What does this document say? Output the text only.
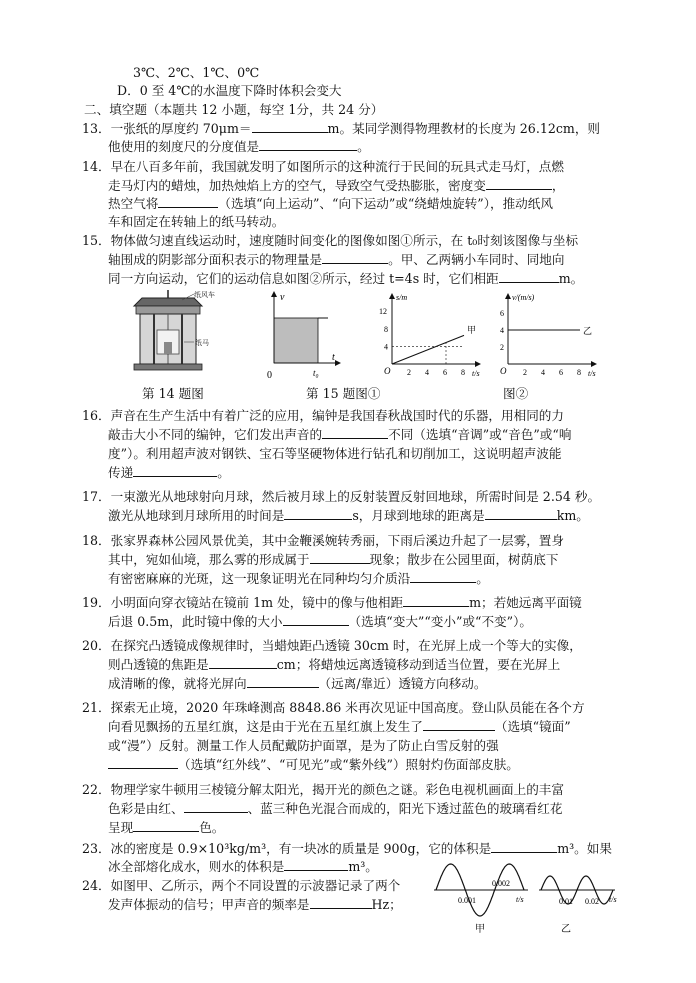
3℃、2℃、1℃、0℃
D．0 至 4℃的水温度下降时体积会变大
二、填空题（本题共 12 小题，每空 1分，共 24 分）
13．一张纸的厚度约 70μm＝	m。某同学测得物理教材的长度为 26.12cm，则
他使用的刻度尺的分度值是	。
14．早在八百多年前，我国就发明了如图所示的这种流行于民间的玩具式走马灯，点燃
走马灯内的蜡烛，加热烛焰上方的空气，导致空气受热膨胀，密度变	，
热空气将	（选填“向上运动”、“向下运动”或“绕蜡烛旋转”），推动纸风
车和固定在转轴上的纸马转动。
15．物体做匀速直线运动时，速度随时间变化的图像如图①所示，在 t₀时刻该图像与坐标
轴围成的阴影部分面积表示的物理量是	。甲、乙两辆小车同时、同地向
同一方向运动，它们的运动信息如图②所示，经过 t=4s 时，它们相距	m。
纸风车
纸马
第 14 题图
v
t
t₀
0
第 15 题图①
s/m
t/s
O 2 4 6 8
4
8
12
甲
v/(m/s)
t/s
O 2 4 6 8
2
4
6
乙
图②
16．声音在生产生活中有着广泛的应用，编钟是我国春秋战国时代的乐器，用相同的力
敲击大小不同的编钟，它们发出声音的	不同（选填“音调”或“音色”或“响
度”）。利用超声波对钢铁、宝石等坚硬物体进行钻孔和切削加工，这说明超声波能
传递	。
17．一束激光从地球射向月球，然后被月球上的反射装置反射回地球，所需时间是 2.54 秒。
激光从地球到月球所用的时间是	s，月球到地球的距离是	km。
18．张家界森林公园风景优美，其中金鞭溪婉转秀丽，下雨后溪边升起了一层雾，置身
其中，宛如仙境，那么雾的形成属于	现象；散步在公园里面，树荫底下
有密密麻麻的光斑，这一现象证明光在同种均匀介质沿	。
19．小明面向穿衣镜站在镜前 1m 处，镜中的像与他相距	m；若她远离平面镜
后退 0.5m，此时镜中像的大小	（选填“变大”“变小”或“不变”）。
20．在探究凸透镜成像规律时，当蜡烛距凸透镜 30cm 时，在光屏上成一个等大的实像，
则凸透镜的焦距是	cm；将蜡烛远离透镜移动到适当位置，要在光屏上
成清晰的像，就将光屏向	（远离/靠近）透镜方向移动。
21．探索无止境，2020 年珠峰测高 8848.86 米再次见证中国高度。登山队员能在各个方
向看见飘扬的五星红旗，这是由于光在五星红旗上发生了	（选填“镜面”
或“漫”）反射。测量工作人员配戴防护面罩，是为了防止白雪反射的强
（选填“红外线”、“可见光”或“紫外线”）照射灼伤面部皮肤。
22．物理学家牛顿用三棱镜分解太阳光，揭开光的颜色之谜。彩色电视机画面上的丰富
色彩是由红、	、蓝三种色光混合而成的，阳光下透过蓝色的玻璃看红花
呈现	色。
23．冰的密度是 0.9×10³kg/m³，有一块冰的质量是 900g，它的体积是	m³。如果
冰全部熔化成水，则水的体积是	m³。
24．如图甲、乙所示，两个不同设置的示波器记录了两个
发声体振动的信号；甲声音的频率是	Hz；	0.001
0.002
t/s
甲
0.01 0.02 t/s
乙
